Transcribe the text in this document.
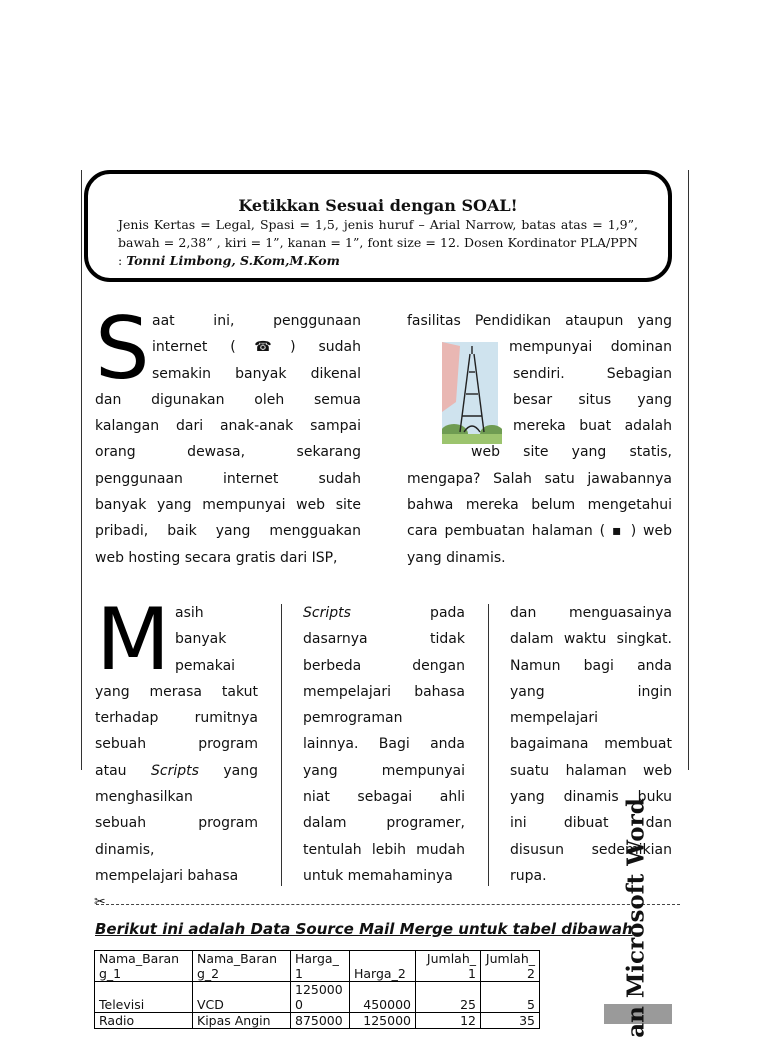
Ketikkan Sesuai dengan SOAL!
Jenis Kertas = Legal, Spasi = 1,5, jenis huruf – Arial Narrow, batas atas = 1,9”, bawah = 2,38” , kiri = 1”, kanan = 1”, font size = 12. Dosen Kordinator PLA/PPN : Tonni Limbong, S.Kom,M.Kom
S aat ini, penggunaan
internet (☎) sudah
semakin banyak dikenal
dan digunakan oleh semua
kalangan dari anak-anak sampai
orang dewasa, sekarang
penggunaan internet sudah
banyak yang mempunyai web site
pribadi, baik yang mengguakan
web hosting secara gratis dari ISP,
fasilitas Pendidikan ataupun yang
mempunyai dominan
sendiri. Sebagian
besar situs yang
mereka buat adalah
web site yang statis,
mengapa? Salah satu jawabannya
bahwa mereka belum mengetahui
cara pembuatan halaman ( ▪ ) web
yang dinamis.
M asih
banyak
pemakai
yang merasa takut
terhadap rumitnya
sebuah program
atau Scripts yang
menghasilkan
sebuah program
dinamis,
mempelajari bahasa
Scripts pada
dasarnya tidak
berbeda dengan
mempelajari bahasa
pemrograman
lainnya. Bagi anda
yang mempunyai
niat sebagai ahli
dalam programer,
tentulah lebih mudah
untuk memahaminya
dan menguasainya
dalam waktu singkat.
Namun bagi anda
yang ingin
mempelajari
bagaimana membuat
suatu halaman web
yang dinamis buku
ini dibuat dan
disusun sedemikian
rupa.
✂
Berikut ini adalah Data Source Mail Merge untuk tabel dibawah
Nama_Baran g_1	Nama_Baran g_2	Harga_ 1	Harga_2	Jumlah_ 1	Jumlah_ 2
Televisi	VCD	125000 0	450000	25	5
Radio	Kipas Angin	875000	125000	12	35	an Microsoft Word
